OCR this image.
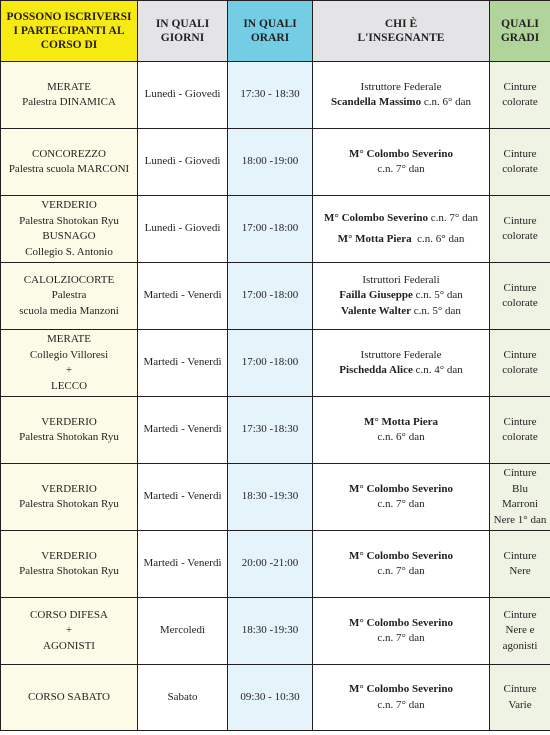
POSSONO ISCRIVERSI
I PARTECIPANTI AL
CORSO DI	IN QUALI
GIORNI	IN QUALI
ORARI	CHI È
L'INSEGNANTE	QUALI
GRADI

MERATE
Palestra DINAMICA	Lunedì - Giovedì	17:30 - 18:30	Istruttore Federale
Scandella Massimo c.n. 6° dan	Cinture
colorate

CONCOREZZO
Palestra scuola MARCONI	Lunedì - Giovedì	18:00 -19:00	M° Colombo Severino
c.n. 7° dan	Cinture
colorate

VERDERIO
Palestra Shotokan Ryu
BUSNAGO
Collegio S. Antonio	Lunedì - Giovedì	17:00 -18:00	M° Colombo Severino c.n. 7° dan
M° Motta Piera c.n. 6° dan	Cinture
colorate

CALOLZIOCORTE
Palestra
scuola media Manzoni	Martedì - Venerdì	17:00 -18:00	Istruttori Federali
Failla Giuseppe c.n. 5° dan
Valente Walter c.n. 5° dan	Cinture
colorate

MERATE
Collegio Villoresi
+
LECCO	Martedì - Venerdì	17:00 -18:00	Istruttore Federale
Pischedda Alice c.n. 4° dan	Cinture
colorate

VERDERIO
Palestra Shotokan Ryu	Martedì - Venerdì	17:30 -18:30	M° Motta Piera
c.n. 6° dan	Cinture
colorate

VERDERIO
Palestra Shotokan Ryu	Martedì - Venerdì	18:30 -19:30	M° Colombo Severino
c.n. 7° dan	Cinture
Blu
Marroni
Nere 1° dan

VERDERIO
Palestra Shotokan Ryu	Martedì - Venerdì	20:00 -21:00	M° Colombo Severino
c.n. 7° dan	Cinture
Nere

CORSO DIFESA
+
AGONISTI	Mercoledì	18:30 -19:30	M° Colombo Severino
c.n. 7° dan	Cinture
Nere e
agonisti

CORSO SABATO	Sabato	09:30 - 10:30	M° Colombo Severino
c.n. 7° dan	Cinture
Varie
